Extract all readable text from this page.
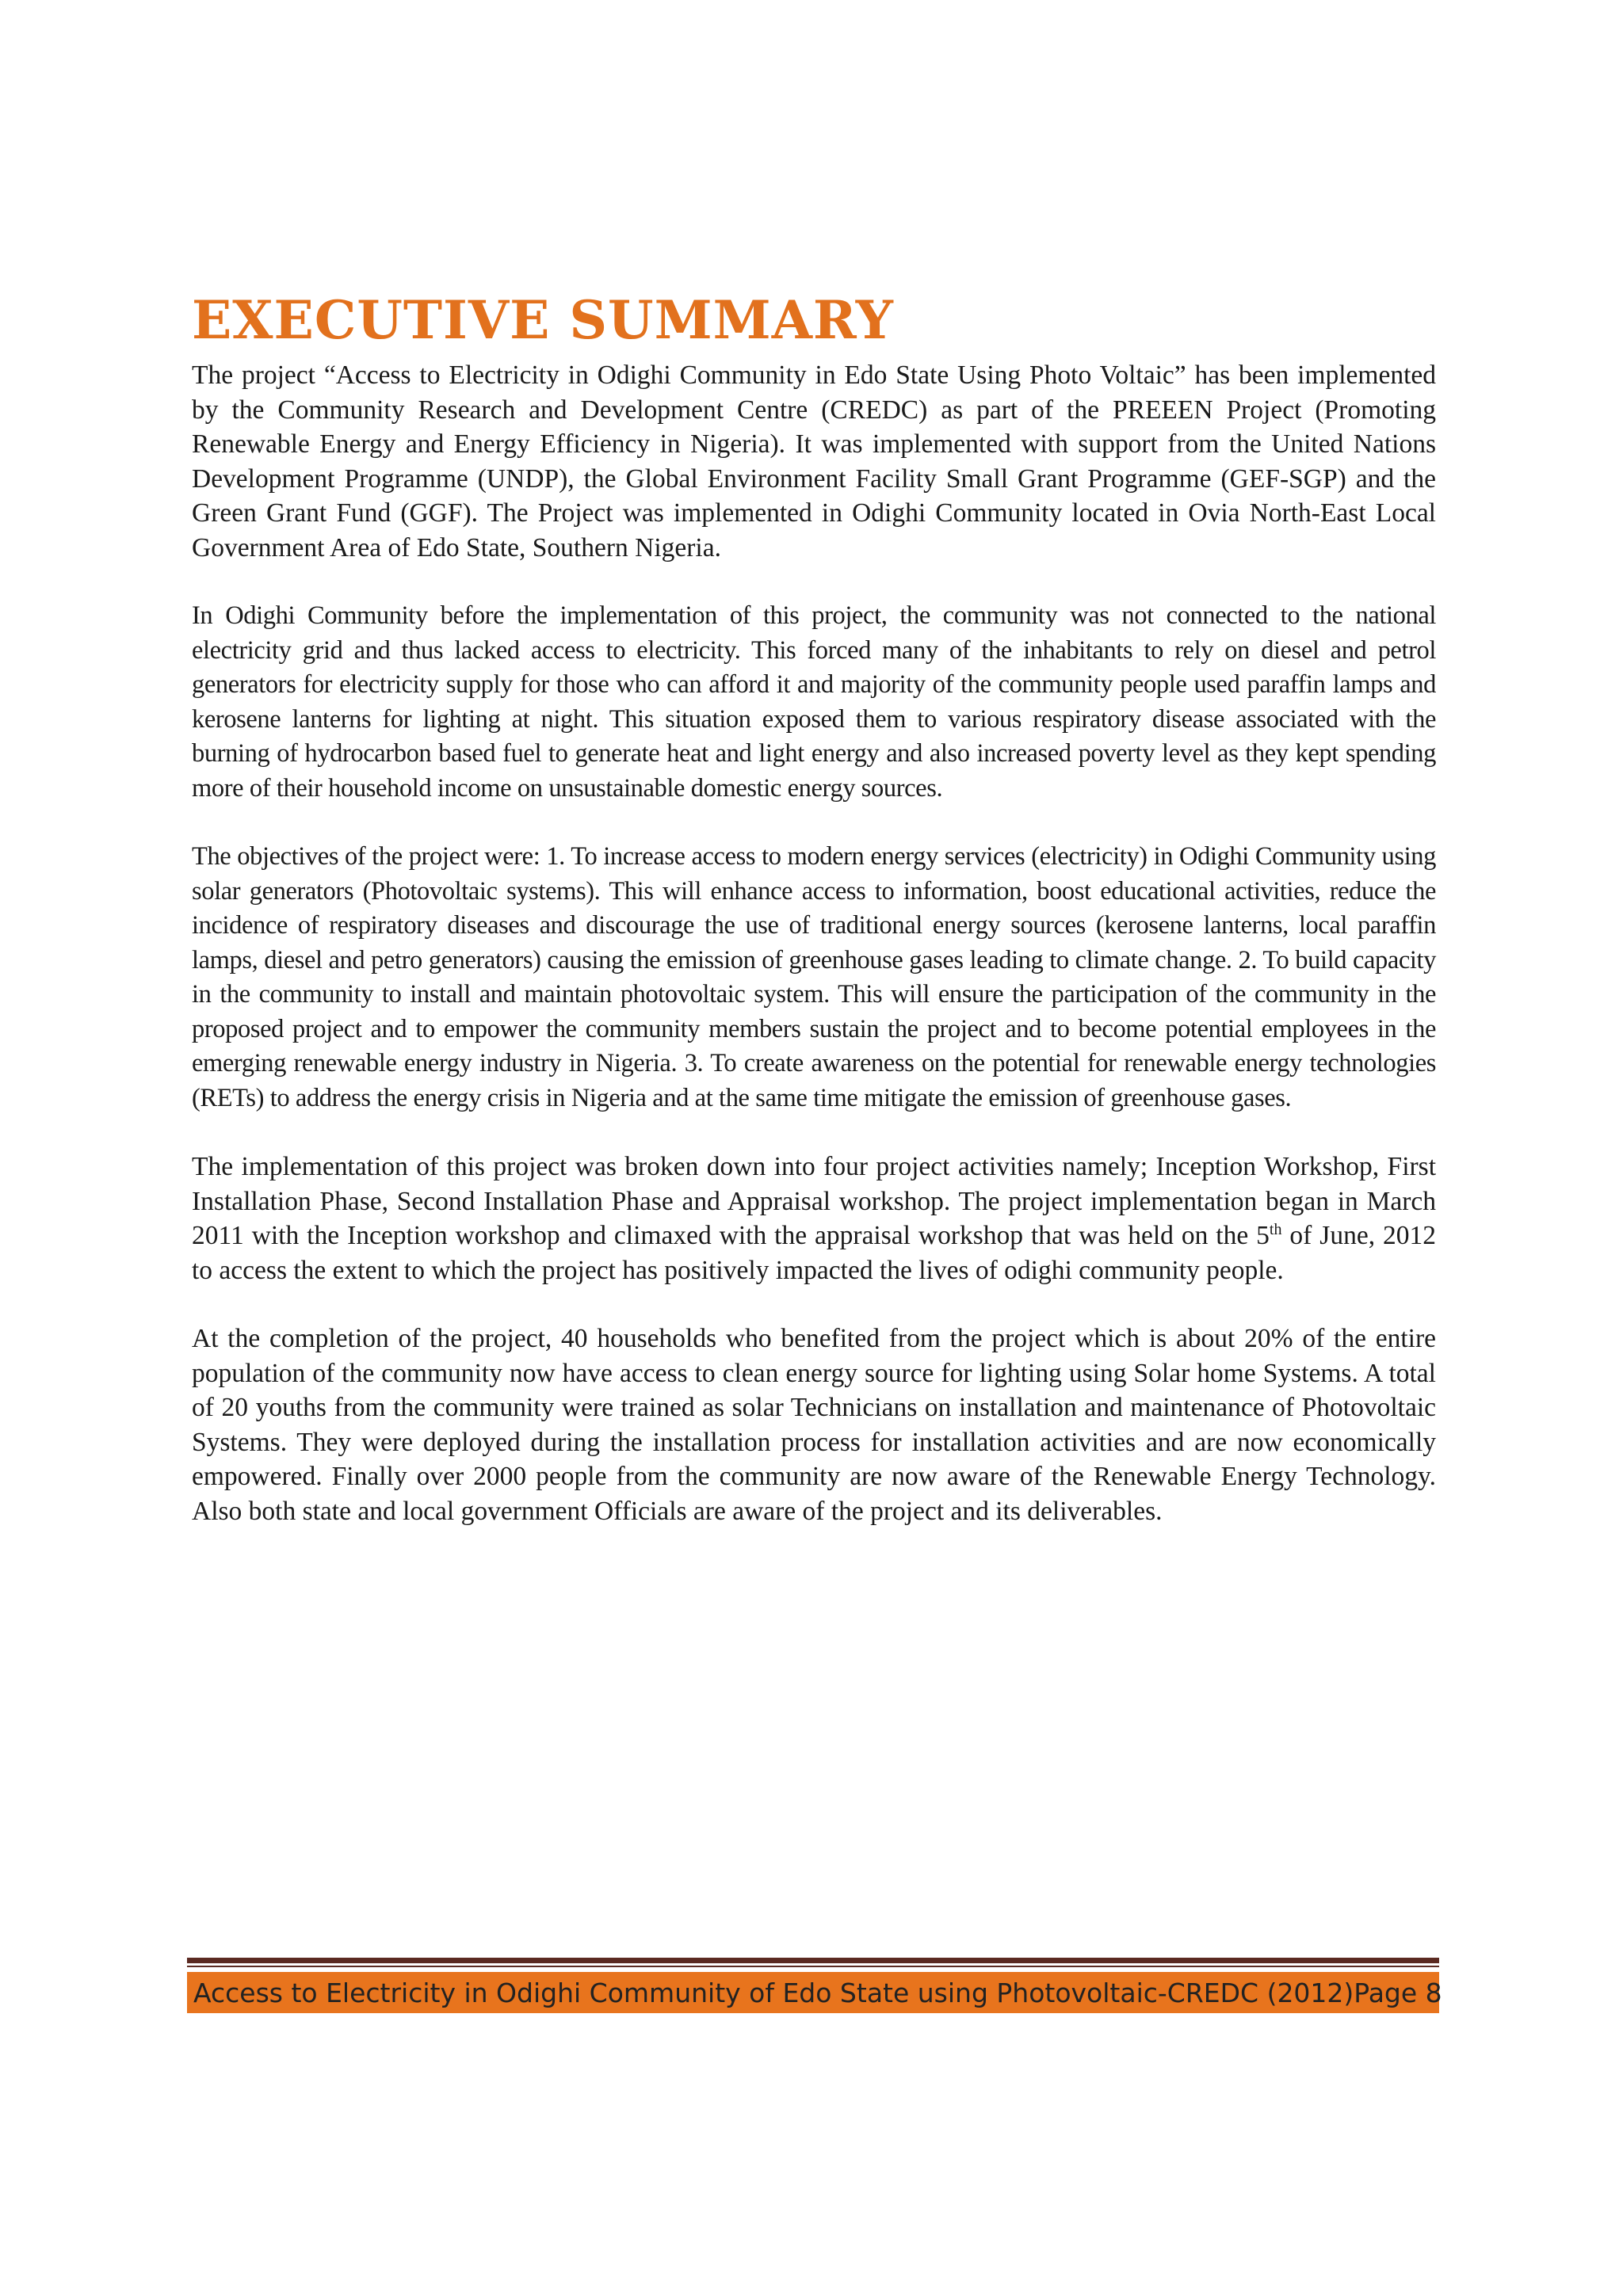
EXECUTIVE SUMMARY

The project “Access to Electricity in Odighi Community in Edo State Using Photo Voltaic” has been implemented by the Community Research and Development Centre (CREDC) as part of the PREEEN Project (Promoting Renewable Energy and Energy Efficiency in Nigeria). It was implemented with support from the United Nations Development Programme (UNDP), the Global Environment Facility Small Grant Programme (GEF-SGP) and the Green Grant Fund (GGF). The Project was implemented in Odighi Community located in Ovia North-East Local Government Area of Edo State, Southern Nigeria.

In Odighi Community before the implementation of this project, the community was not connected to the national electricity grid and thus lacked access to electricity. This forced many of the inhabitants to rely on diesel and petrol generators for electricity supply for those who can afford it and majority of the community people used paraffin lamps and kerosene lanterns for lighting at night. This situation exposed them to various respiratory disease associated with the burning of hydrocarbon based fuel to generate heat and light energy and also increased poverty level as they kept spending more of their household income on unsustainable domestic energy sources.

The objectives of the project were: 1. To increase access to modern energy services (electricity) in Odighi Community using solar generators (Photovoltaic systems). This will enhance access to information, boost educational activities, reduce the incidence of respiratory diseases and discourage the use of traditional energy sources (kerosene lanterns, local paraffin lamps, diesel and petro generators) causing the emission of greenhouse gases leading to climate change. 2. To build capacity in the community to install and maintain photovoltaic system. This will ensure the participation of the community in the proposed project and to empower the community members sustain the project and to become potential employees in the emerging renewable energy industry in Nigeria. 3. To create awareness on the potential for renewable energy technologies (RETs) to address the energy crisis in Nigeria and at the same time mitigate the emission of greenhouse gases.

The implementation of this project was broken down into four project activities namely; Inception Workshop, First Installation Phase, Second Installation Phase and Appraisal workshop. The project implementation began in March 2011 with the Inception workshop and climaxed with the appraisal workshop that was held on the 5th of June, 2012 to access the extent to which the project has positively impacted the lives of odighi community people.

At the completion of the project, 40 households who benefited from the project which is about 20% of the entire population of the community now have access to clean energy source for lighting using Solar home Systems. A total of 20 youths from the community were trained as solar Technicians on installation and maintenance of Photovoltaic Systems. They were deployed during the installation process for installation activities and are now economically empowered. Finally over 2000 people from the community are now aware of the Renewable Energy Technology. Also both state and local government Officials are aware of the project and its deliverables.

Access to Electricity in Odighi Community of Edo State using Photovoltaic-CREDC (2012) Page 8
